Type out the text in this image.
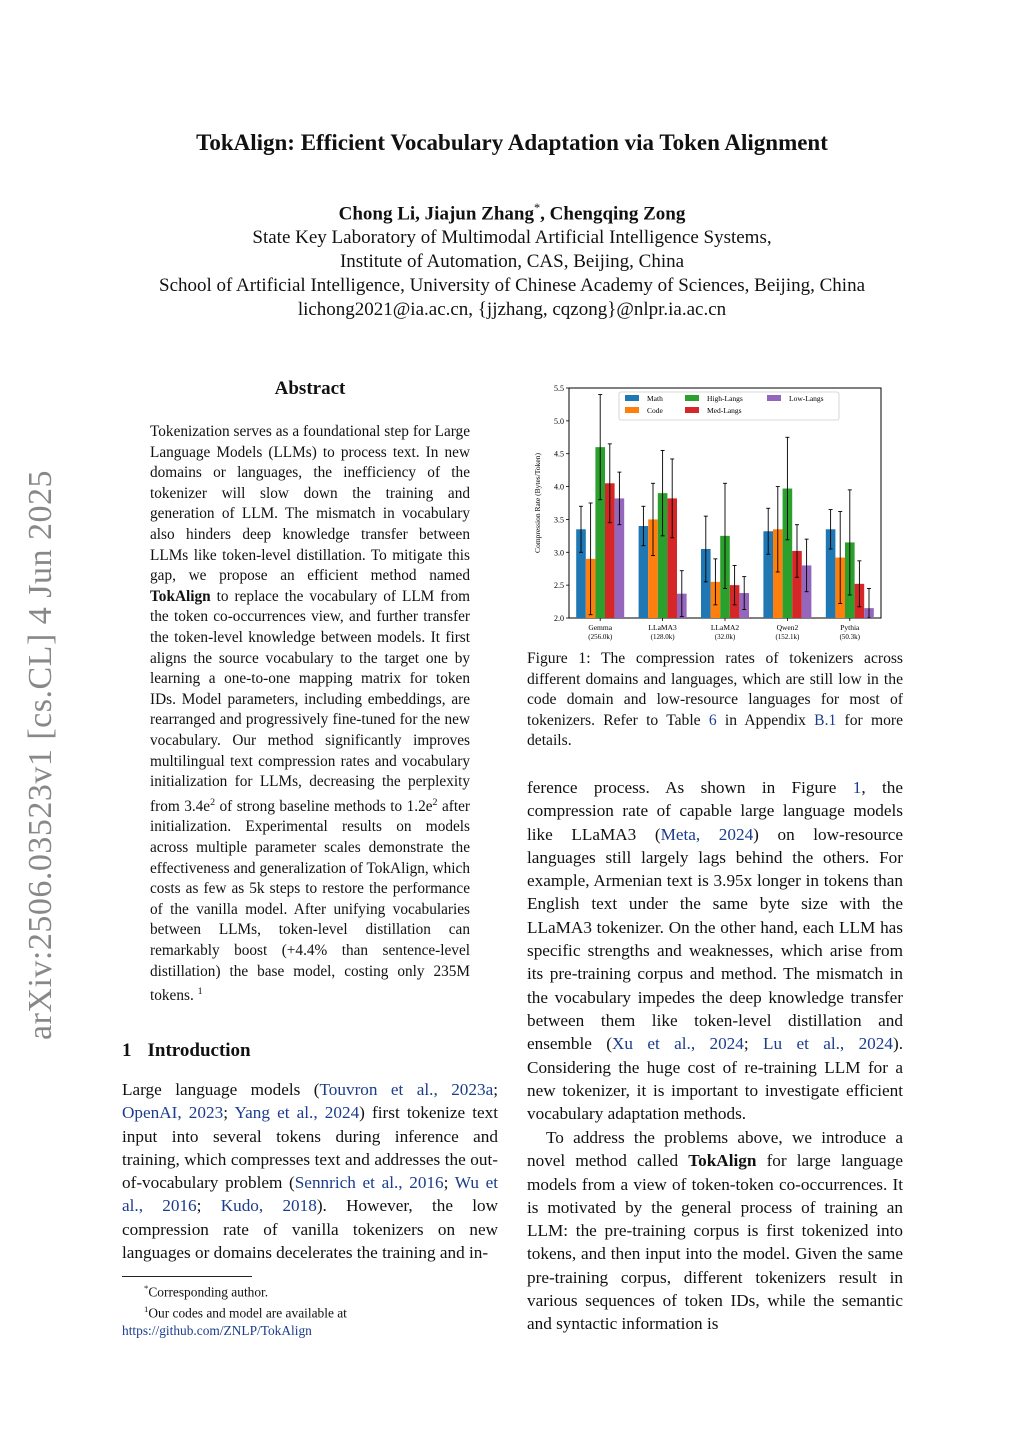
TokAlign: Efficient Vocabulary Adaptation via Token Alignment
Chong Li, Jiajun Zhang*, Chengqing Zong
State Key Laboratory of Multimodal Artificial Intelligence Systems,
Institute of Automation, CAS, Beijing, China
School of Artificial Intelligence, University of Chinese Academy of Sciences, Beijing, China
lichong2021@ia.ac.cn, {jjzhang, cqzong}@nlpr.ia.ac.cn
arXiv:2506.03523v1 [cs.CL] 4 Jun 2025
Abstract
Tokenization serves as a foundational step for Large Language Models (LLMs) to process text. In new domains or languages, the inefficiency of the tokenizer will slow down the training and generation of LLM. The mismatch in vocabulary also hinders deep knowledge transfer between LLMs like token-level distillation. To mitigate this gap, we propose an efficient method named TokAlign to replace the vocabulary of LLM from the token co-occurrences view, and further transfer the token-level knowledge between models. It first aligns the source vocabulary to the target one by learning a one-to-one mapping matrix for token IDs. Model parameters, including embeddings, are rearranged and progressively fine-tuned for the new vocabulary. Our method significantly improves multilingual text compression rates and vocabulary initialization for LLMs, decreasing the perplexity from $3.4e^2$ of strong baseline methods to $1.2e^2$ after initialization. Experimental results on models across multiple parameter scales demonstrate the effectiveness and generalization of TokAlign, which costs as few as 5k steps to restore the performance of the vanilla model. After unifying vocabularies between LLMs, token-level distillation can remarkably boost (+4.4% than sentence-level distillation) the base model, costing only 235M tokens. $^1$
1 Introduction
Large language models (Touvron et al., 2023a; OpenAI, 2023; Yang et al., 2024) first tokenize text input into several tokens during inference and training, which compresses text and addresses the out-of-vocabulary problem (Sennrich et al., 2016; Wu et al., 2016; Kudo, 2018). However, the low compression rate of vanilla tokenizers on new languages or domains decelerates the training and in-
*Corresponding author.
$^1$Our codes and model are available at https://github.com/ZNLP/TokAlign
2.0
2.5
3.0
3.5
4.0
4.5
5.0
5.5
Compression Rate (Bytes/Token)
Gemma
(256.0k)
LLaMA3
(128.0k)
LLaMA2
(32.0k)
Qwen2
(152.1k)
Pythia
(50.3k)
Math
Code
High-Langs
Med-Langs
Low-Langs
Figure 1: The compression rates of tokenizers across different domains and languages, which are still low in the code domain and low-resource languages for most of tokenizers. Refer to Table 6 in Appendix B.1 for more details.
ference process. As shown in Figure 1, the compression rate of capable large language models like LLaMA3 (Meta, 2024) on low-resource languages still largely lags behind the others. For example, Armenian text is 3.95x longer in tokens than English text under the same byte size with the LLaMA3 tokenizer. On the other hand, each LLM has specific strengths and weaknesses, which arise from its pre-training corpus and method. The mismatch in the vocabulary impedes the deep knowledge transfer between them like token-level distillation and ensemble (Xu et al., 2024; Lu et al., 2024). Considering the huge cost of re-training LLM for a new tokenizer, it is important to investigate efficient vocabulary adaptation methods.
To address the problems above, we introduce a novel method called TokAlign for large language models from a view of token-token co-occurrences. It is motivated by the general process of training an LLM: the pre-training corpus is first tokenized into tokens, and then input into the model. Given the same pre-training corpus, different tokenizers result in various sequences of token IDs, while the semantic and syntactic information is
